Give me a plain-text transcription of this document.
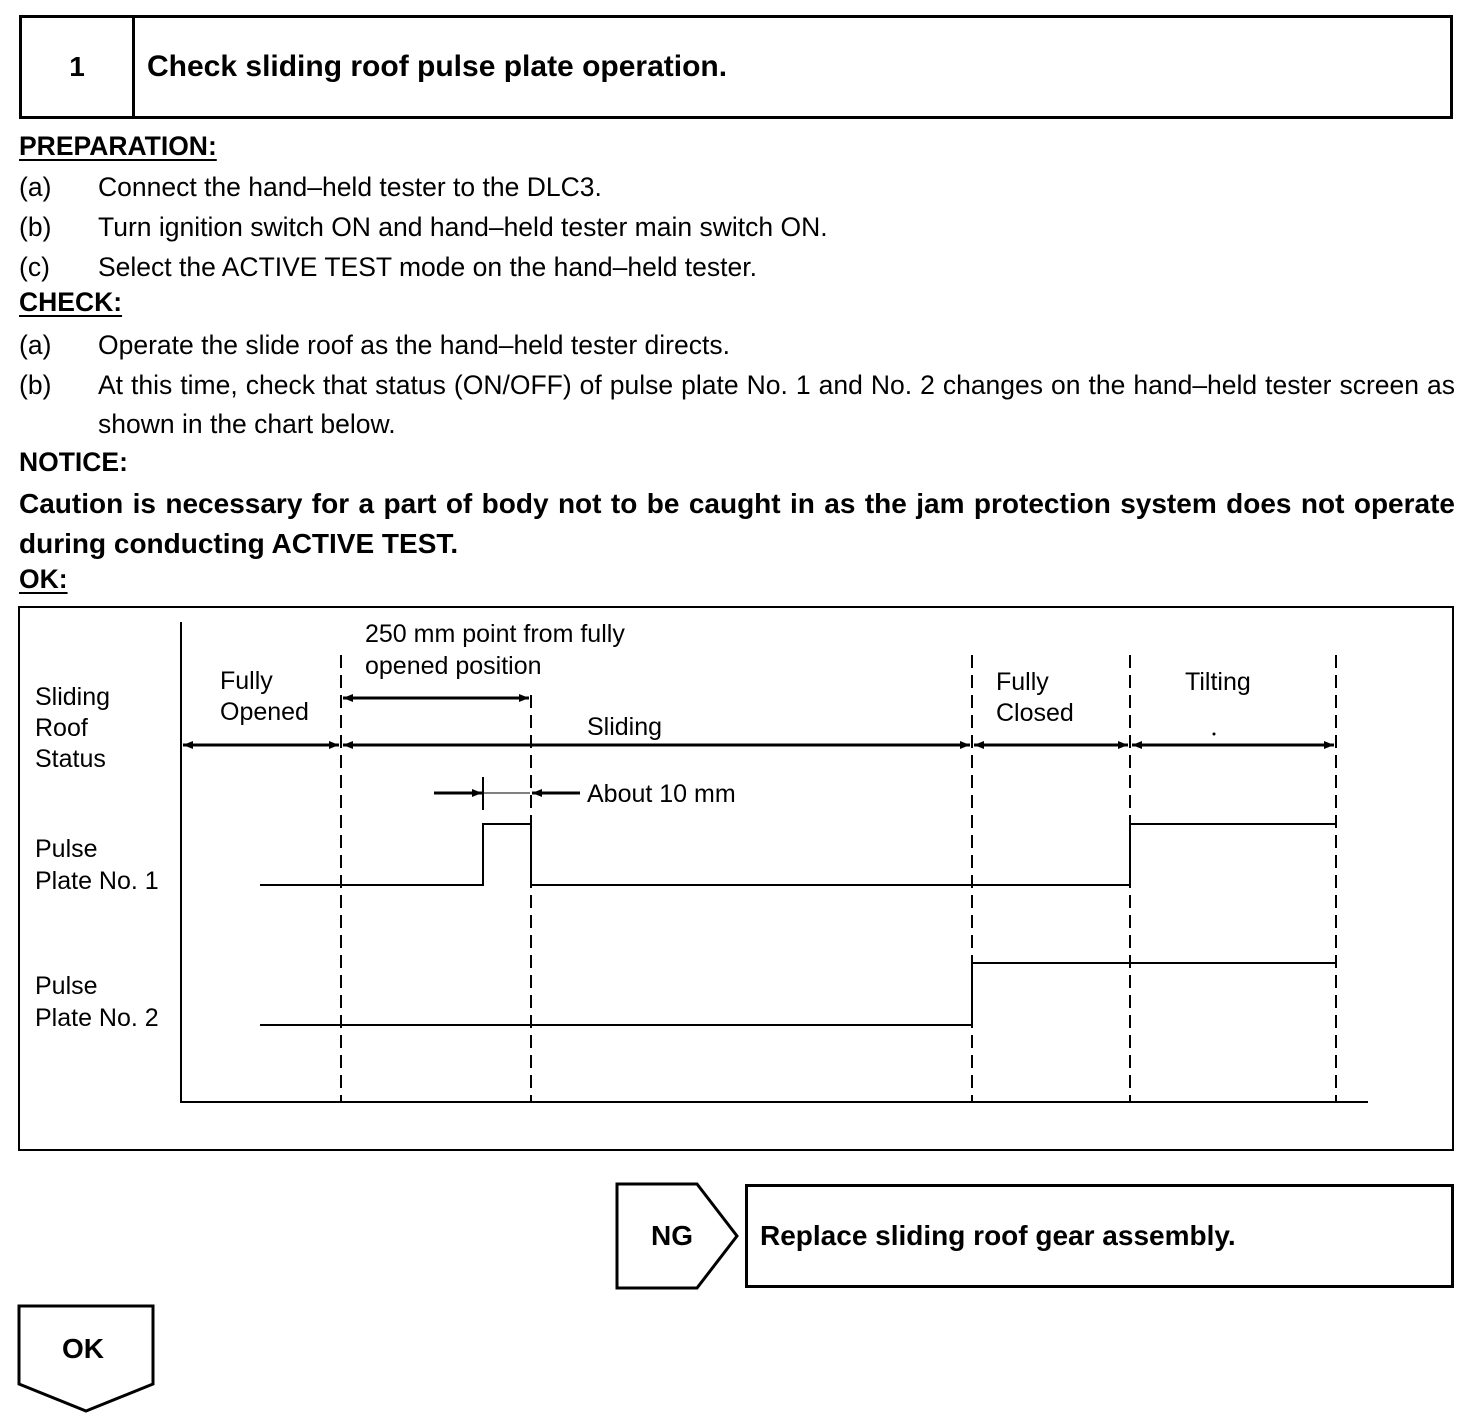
1	Check sliding roof pulse plate operation.
PREPARATION:
(a)	Connect the hand–held tester to the DLC3.
(b)	Turn ignition switch ON and hand–held tester main switch ON.
(c)	Select the ACTIVE TEST mode on the hand–held tester.
CHECK:
(a)	Operate the slide roof as the hand–held tester directs.
(b)	At this time, check that status (ON/OFF) of pulse plate No. 1 and No. 2 changes on the hand–held tester screen as shown in the chart below.
NOTICE:
Caution is necessary for a part of body not to be caught in as the jam protection system does not operate during conducting ACTIVE TEST.
OK:
Sliding
Roof
Status
Pulse
Plate No. 1
Pulse
Plate No. 2
Fully
Opened
Sliding
Fully
Closed
Tilting
250 mm point from fully
opened position
About 10 mm
NG
OK
Replace sliding roof gear assembly.
